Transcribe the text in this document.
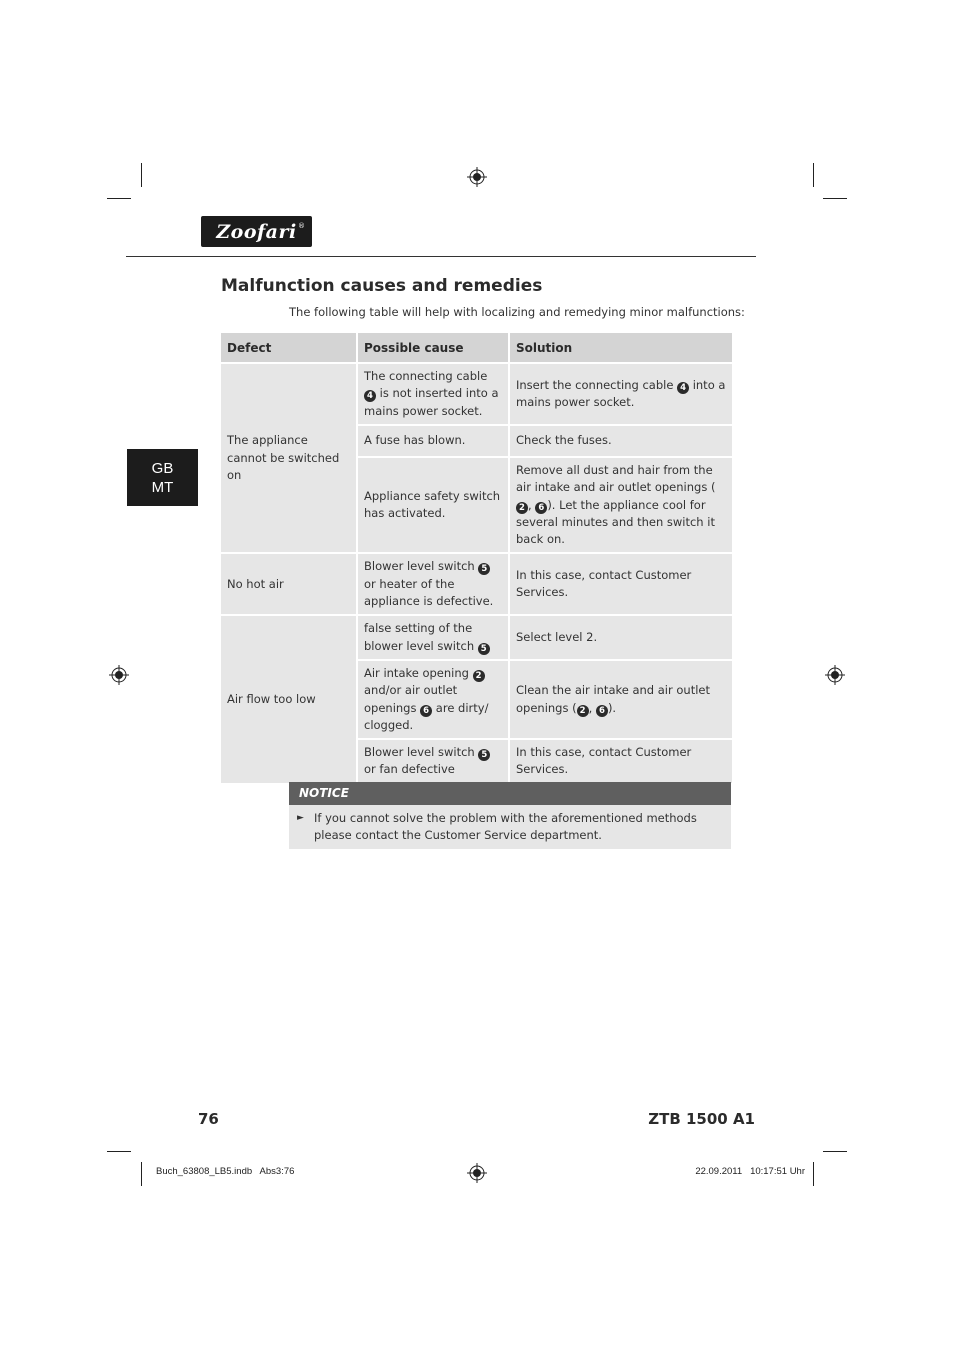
Zoofari ®
GB
MT
Malfunction causes and remedies
The following table will help with localizing and remedying minor malfunctions:
Defect	Possible cause	Solution
The appliance cannot be switched on	The connecting cable 4 is not inserted into a mains power socket.	Insert the connecting cable 4 into a mains power socket.
	A fuse has blown.	Check the fuses.
	Appliance safety switch has activated.	Remove all dust and hair from the air intake and air outlet openings (2 , 6 ). Let the appliance cool for several minutes and then switch it back on.
No hot air	Blower level switch 5 or heater of the appliance is defective.	In this case, contact Customer Services.
Air flow too low	false setting of the blower level switch 5	Select level 2.
	Air intake opening 2 and/or air outlet openings 6 are dirty/ clogged.	Clean the air intake and air outlet openings ( 2 , 6 ).
	Blower level switch 5 or fan defective	In this case, contact Customer Services.
NOTICE
► If you cannot solve the problem with the aforementioned methods please contact the Customer Service department.
76	ZTB 1500 A1
Buch_63808_LB5.indb   Abs3:76	22.09.2011   10:17:51 Uhr
